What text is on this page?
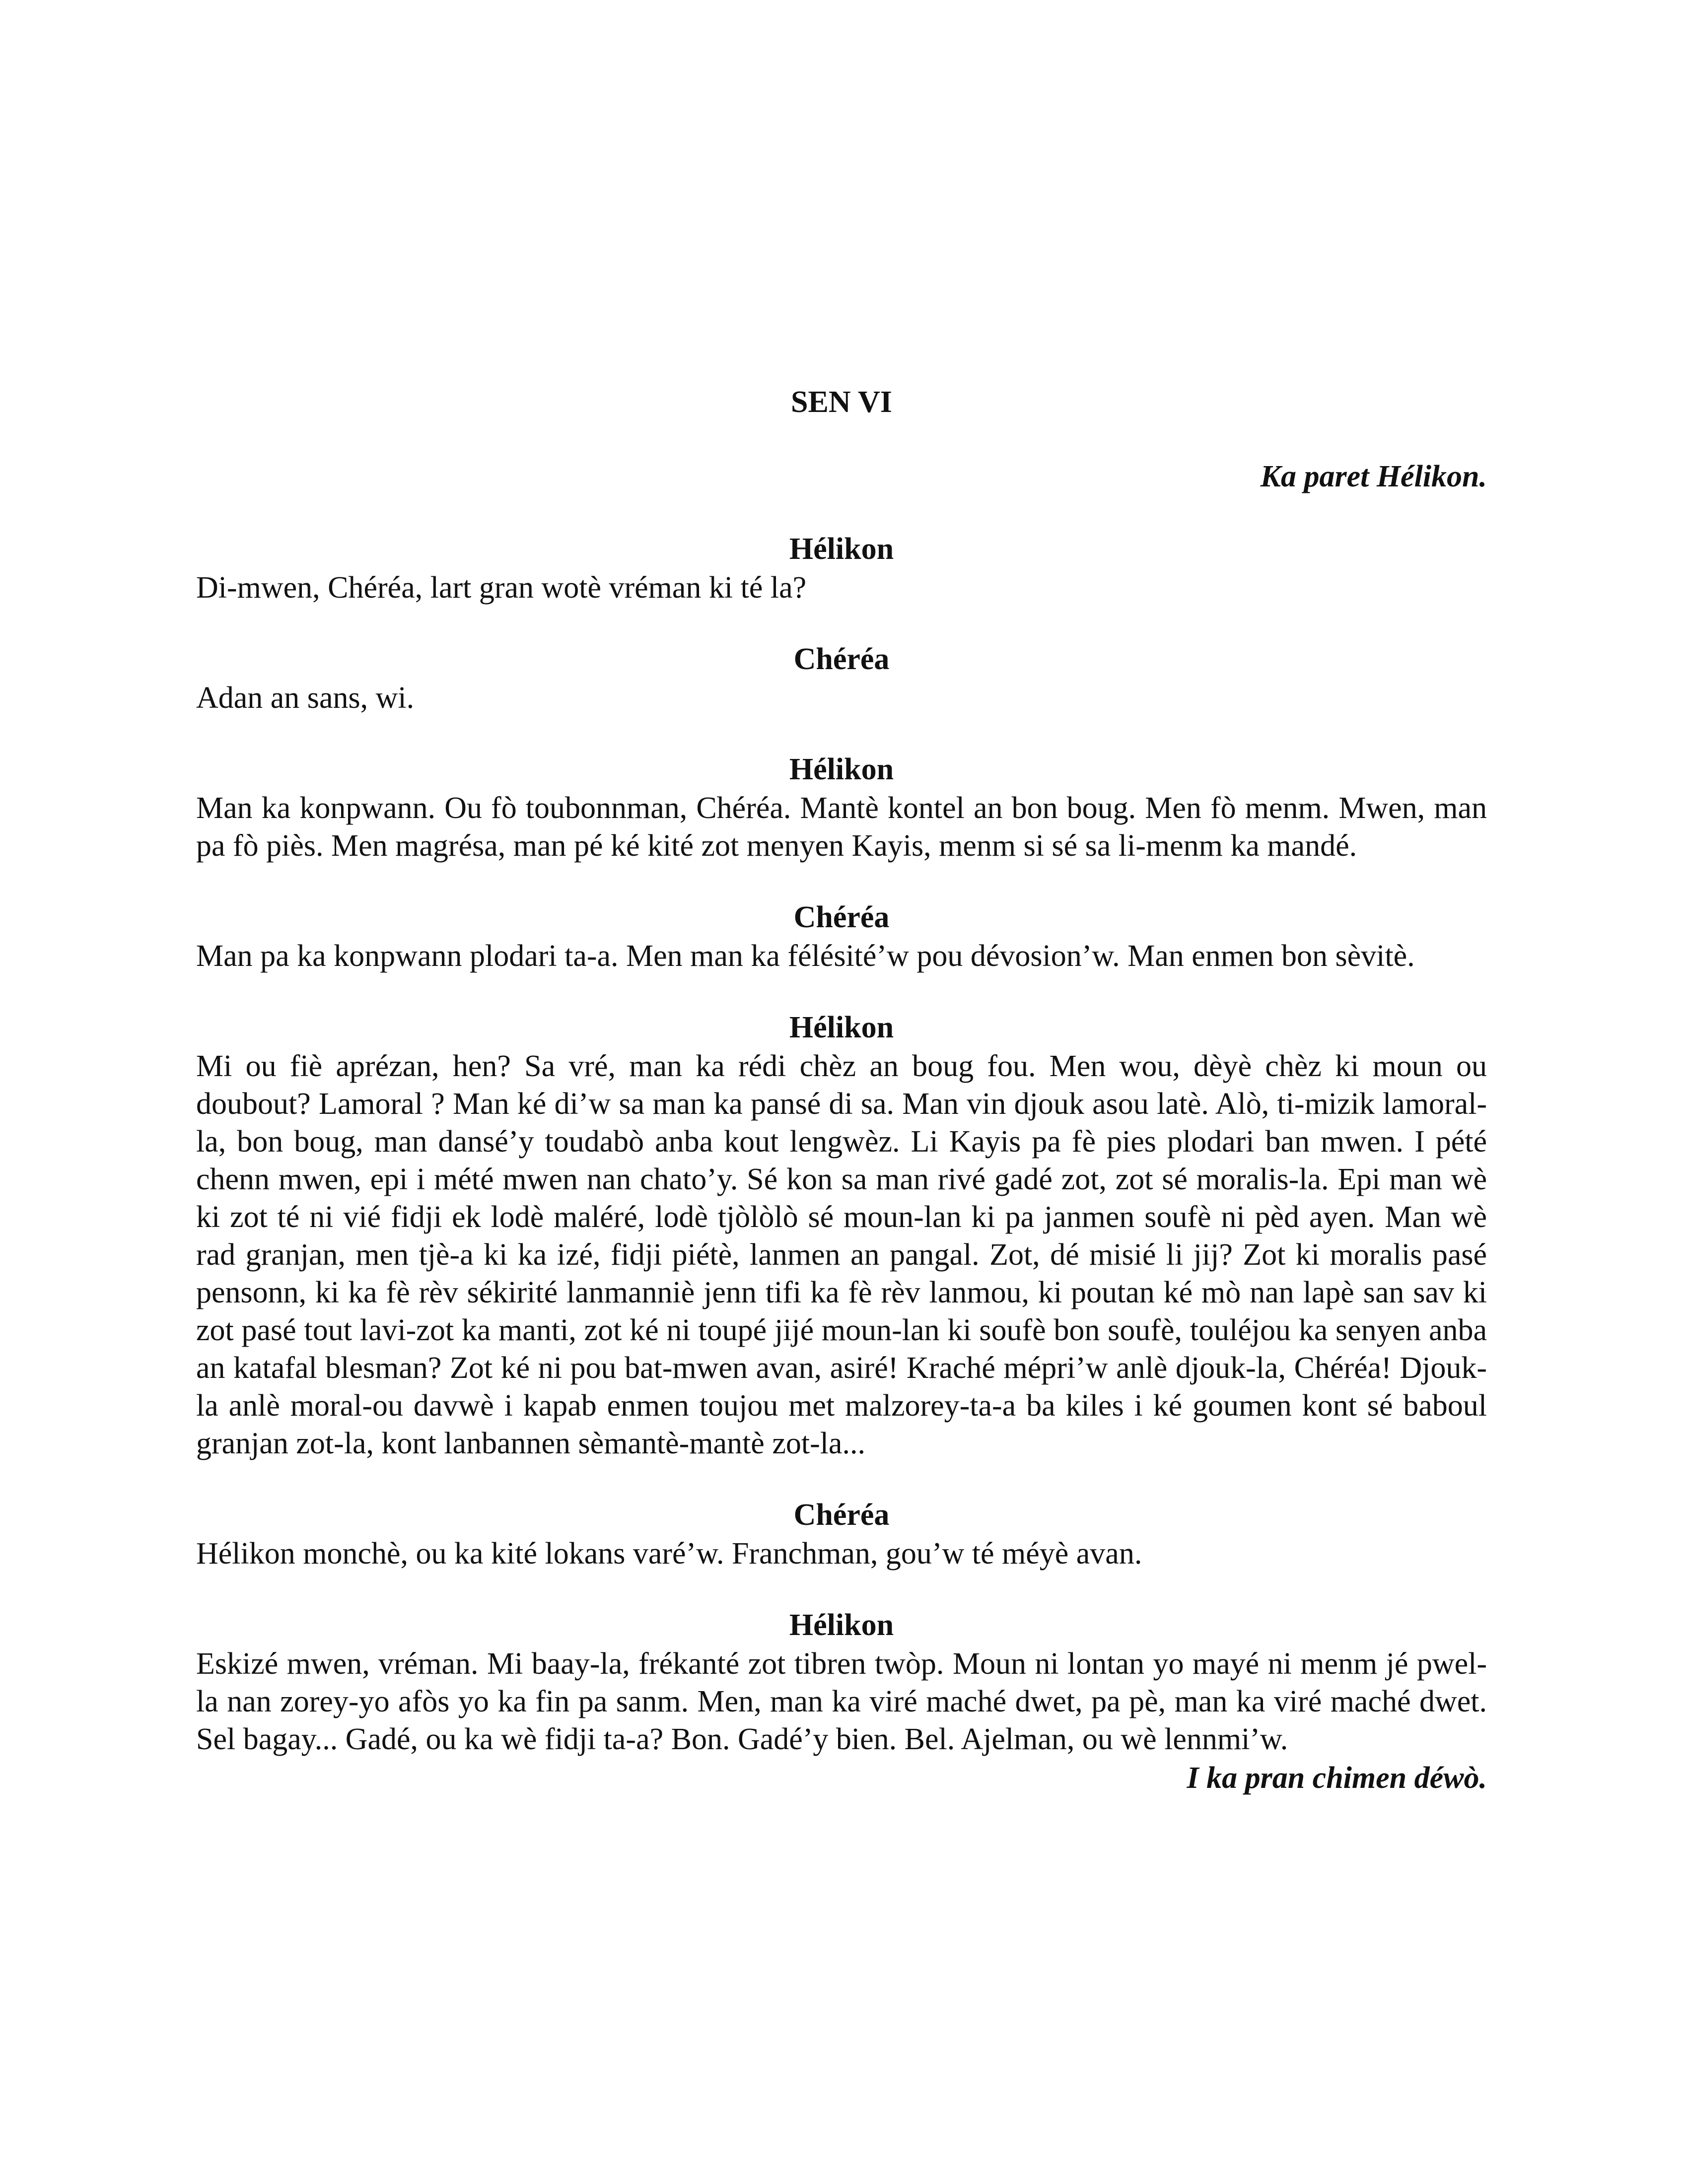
SEN VI

Ka paret Hélikon.

Hélikon

Di-mwen, Chéréa, lart gran wotè vréman ki té la?

Chéréa

Adan an sans, wi.

Hélikon

Man ka konpwann. Ou fò toubonnman, Chéréa. Mantè kontel an bon boug. Men fò menm. Mwen, man pa fò piès. Men magrésa, man pé ké kité zot menyen Kayis, menm si sé sa li-menm ka mandé.

Chéréa

Man pa ka konpwann plodari ta-a. Men man ka félésité’w pou dévosion’w. Man enmen bon sèvitè.

Hélikon

Mi ou fiè aprézan, hen? Sa vré, man ka rédi chèz an boug fou. Men wou, dèyè chèz ki moun ou doubout? Lamoral ? Man ké di’w sa man ka pansé di sa. Man vin djouk asou latè. Alò, ti-mizik lamoral-la, bon boug, man dansé’y toudabò anba kout lengwèz. Li Kayis pa fè pies plodari ban mwen. I pété chenn mwen, epi i mété mwen nan chato’y. Sé kon sa man rivé gadé zot, zot sé moralis-la. Epi man wè ki zot té ni vié fidji ek lodè maléré, lodè tjòlòlò sé moun-lan ki pa janmen soufè ni pèd ayen. Man wè rad granjan, men tjè-a ki ka izé, fidji piétè, lanmen an pangal. Zot, dé misié li jij? Zot ki moralis pasé pensonn, ki ka fè rèv sékirité lanmanniè jenn tifi ka fè rèv lanmou, ki poutan ké mò nan lapè san sav ki zot pasé tout lavi-zot ka manti, zot ké ni toupé jijé moun-lan ki soufè bon soufè, touléjou ka senyen anba an katafal blesman? Zot ké ni pou bat-mwen avan, asiré! Kraché mépri’w anlè djouk-la, Chéréa! Djouk-la anlè moral-ou davwè i kapab enmen toujou met malzorey-ta-a ba kiles i ké goumen kont sé baboul granjan zot-la, kont lanbannen sèmantè-mantè zot-la...

Chéréa

Hélikon monchè, ou ka kité lokans varé’w. Franchman, gou’w té méyè avan.

Hélikon

Eskizé mwen, vréman. Mi baay-la, frékanté zot tibren twòp. Moun ni lontan yo mayé ni menm jé pwel-la nan zorey-yo afòs yo ka fin pa sanm. Men, man ka viré maché dwet, pa pè, man ka viré maché dwet. Sel bagay... Gadé, ou ka wè fidji ta-a? Bon. Gadé’y bien. Bel. Ajelman, ou wè lennmi’w.

I ka pran chimen déwò.
